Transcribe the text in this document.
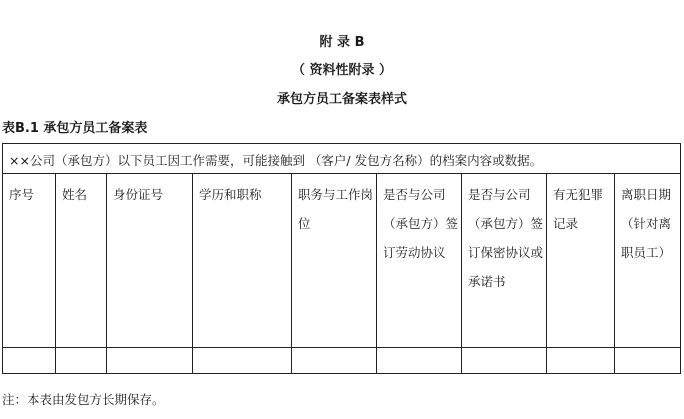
附 录 B
（ 资料性附录 ）
承包方员工备案表样式
表B.1 承包方员工备案表
××公司（承包方）以下员工因工作需要，可能接触到 （客户/ 发包方名称）的档案内容或数据。								
序号	姓名	身份证号	学历和职称	职务与工作岗位	是否与公司（承包方）签订劳动协议	是否与公司（承包方）签订保密协议或承诺书	有无犯罪记录	离职日期（针对离职员工）

注：本表由发包方长期保存。
